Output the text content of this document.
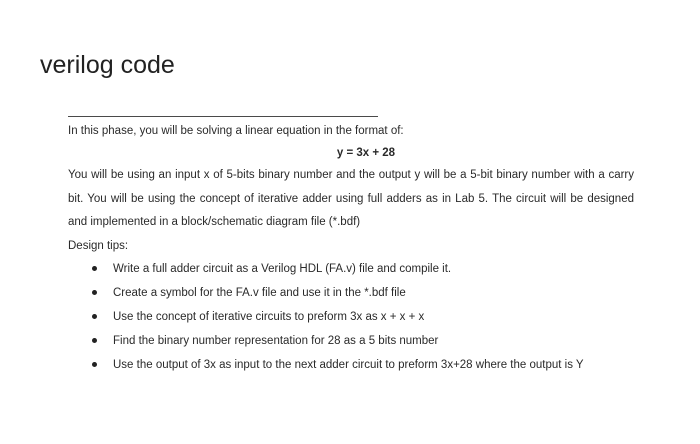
verilog code

In this phase, you will be solving a linear equation in the format of:

y = 3x + 28

You will be using an input x of 5-bits binary number and the output y will be a 5-bit binary number with a carry bit. You will be using the concept of iterative adder using full adders as in Lab 5. The circuit will be designed and implemented in a block/schematic diagram file (*.bdf)

Design tips:

Write a full adder circuit as a Verilog HDL (FA.v) file and compile it.
Create a symbol for the FA.v file and use it in the *.bdf file
Use the concept of iterative circuits to preform 3x as x + x + x
Find the binary number representation for 28 as a 5 bits number
Use the output of 3x as input to the next adder circuit to preform 3x+28 where the output is Y
